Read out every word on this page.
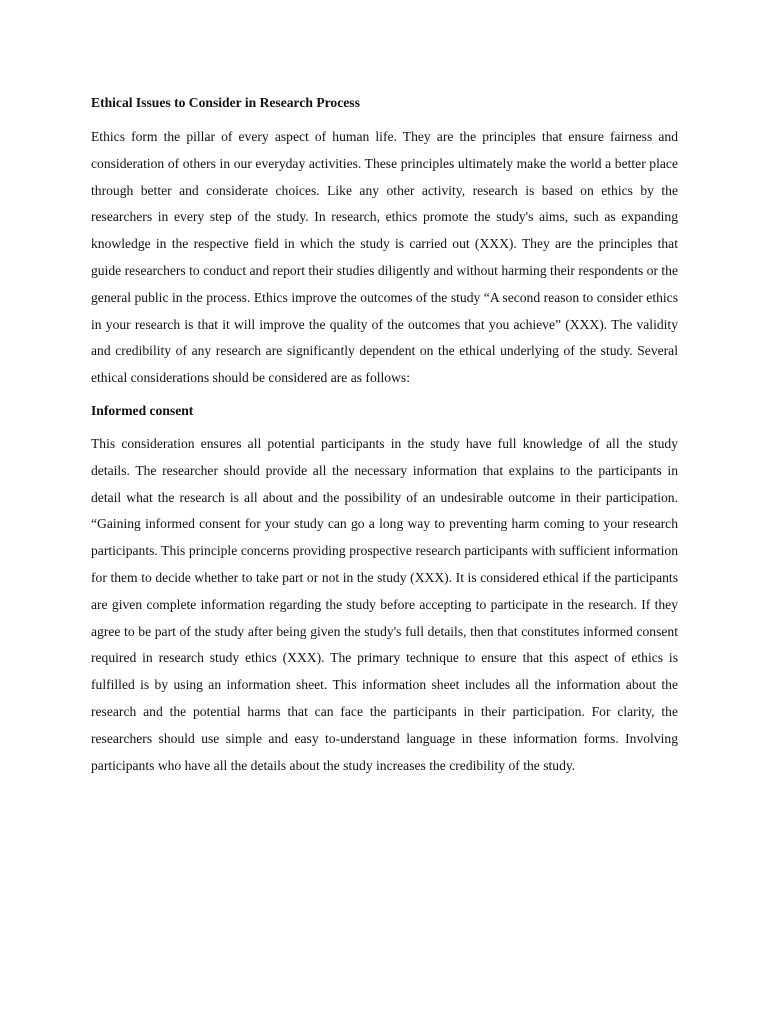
Ethical Issues to Consider in Research Process

Ethics form the pillar of every aspect of human life. They are the principles that ensure fairness and consideration of others in our everyday activities. These principles ultimately make the world a better place through better and considerate choices. Like any other activity, research is based on ethics by the researchers in every step of the study. In research, ethics promote the study's aims, such as expanding knowledge in the respective field in which the study is carried out (XXX). They are the principles that guide researchers to conduct and report their studies diligently and without harming their respondents or the general public in the process. Ethics improve the outcomes of the study “A second reason to consider ethics in your research is that it will improve the quality of the outcomes that you achieve” (XXX). The validity and credibility of any research are significantly dependent on the ethical underlying of the study. Several ethical considerations should be considered are as follows:

Informed consent

This consideration ensures all potential participants in the study have full knowledge of all the study details. The researcher should provide all the necessary information that explains to the participants in detail what the research is all about and the possibility of an undesirable outcome in their participation. “Gaining informed consent for your study can go a long way to preventing harm coming to your research participants. This principle concerns providing prospective research participants with sufficient information for them to decide whether to take part or not in the study (XXX). It is considered ethical if the participants are given complete information regarding the study before accepting to participate in the research. If they agree to be part of the study after being given the study's full details, then that constitutes informed consent required in research study ethics (XXX). The primary technique to ensure that this aspect of ethics is fulfilled is by using an information sheet. This information sheet includes all the information about the research and the potential harms that can face the participants in their participation. For clarity, the researchers should use simple and easy to-understand language in these information forms. Involving participants who have all the details about the study increases the credibility of the study.
